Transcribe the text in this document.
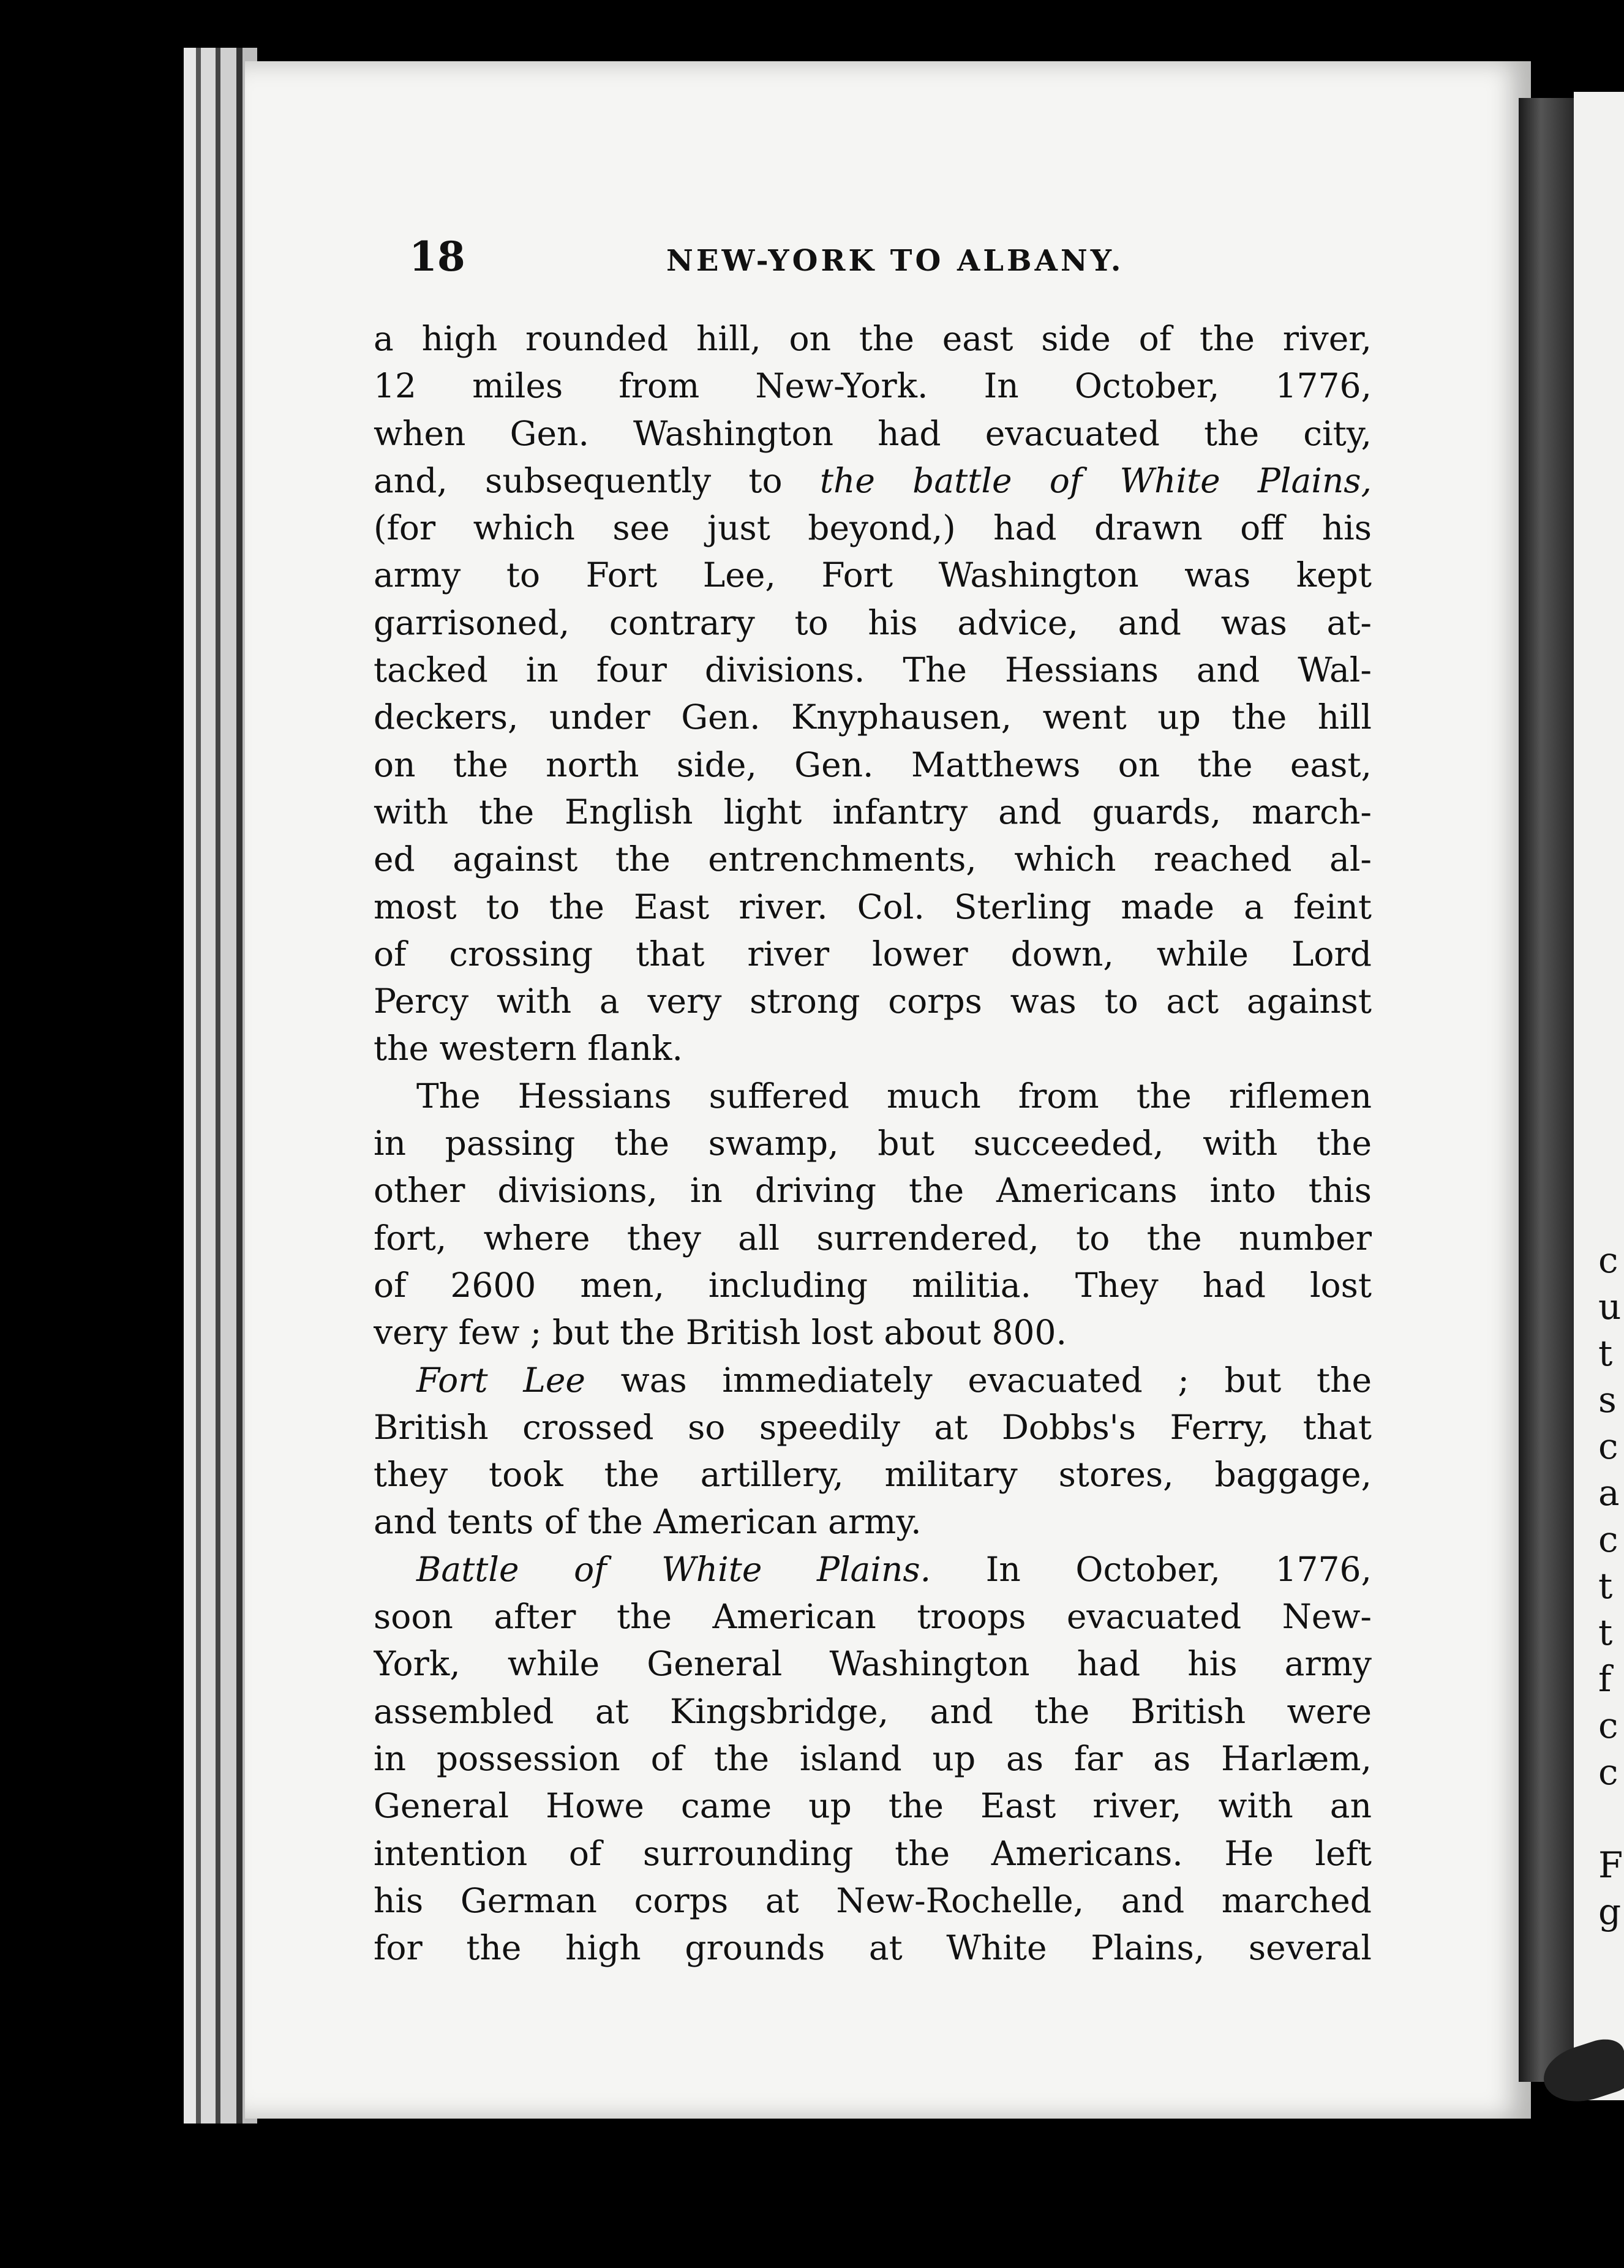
c
u
t
s
c
a
c
t
t
f
c
c
F
g
18	NEW-YORK TO ALBANY.
a high rounded hill, on the east side of the river,
12 miles from New-York. In October, 1776,
when Gen. Washington had evacuated the city,
and, subsequently to the battle of White Plains,
(for which see just beyond,) had drawn off his
army to Fort Lee, Fort Washington was kept
garrisoned, contrary to his advice, and was at-
tacked in four divisions. The Hessians and Wal-
deckers, under Gen. Knyphausen, went up the hill
on the north side, Gen. Matthews on the east,
with the English light infantry and guards, march-
ed against the entrenchments, which reached al-
most to the East river. Col. Sterling made a feint
of crossing that river lower down, while Lord
Percy with a very strong corps was to act against
the western flank.
The Hessians suffered much from the riflemen
in passing the swamp, but succeeded, with the
other divisions, in driving the Americans into this
fort, where they all surrendered, to the number
of 2600 men, including militia. They had lost
very few ; but the British lost about 800.
Fort Lee was immediately evacuated ; but the
British crossed so speedily at Dobbs's Ferry, that
they took the artillery, military stores, baggage,
and tents of the American army.
Battle of White Plains. In October, 1776,
soon after the American troops evacuated New-
York, while General Washington had his army
assembled at Kingsbridge, and the British were
in possession of the island up as far as Harlæm,
General Howe came up the East river, with an
intention of surrounding the Americans. He left
his German corps at New-Rochelle, and marched
for the high grounds at White Plains, several
